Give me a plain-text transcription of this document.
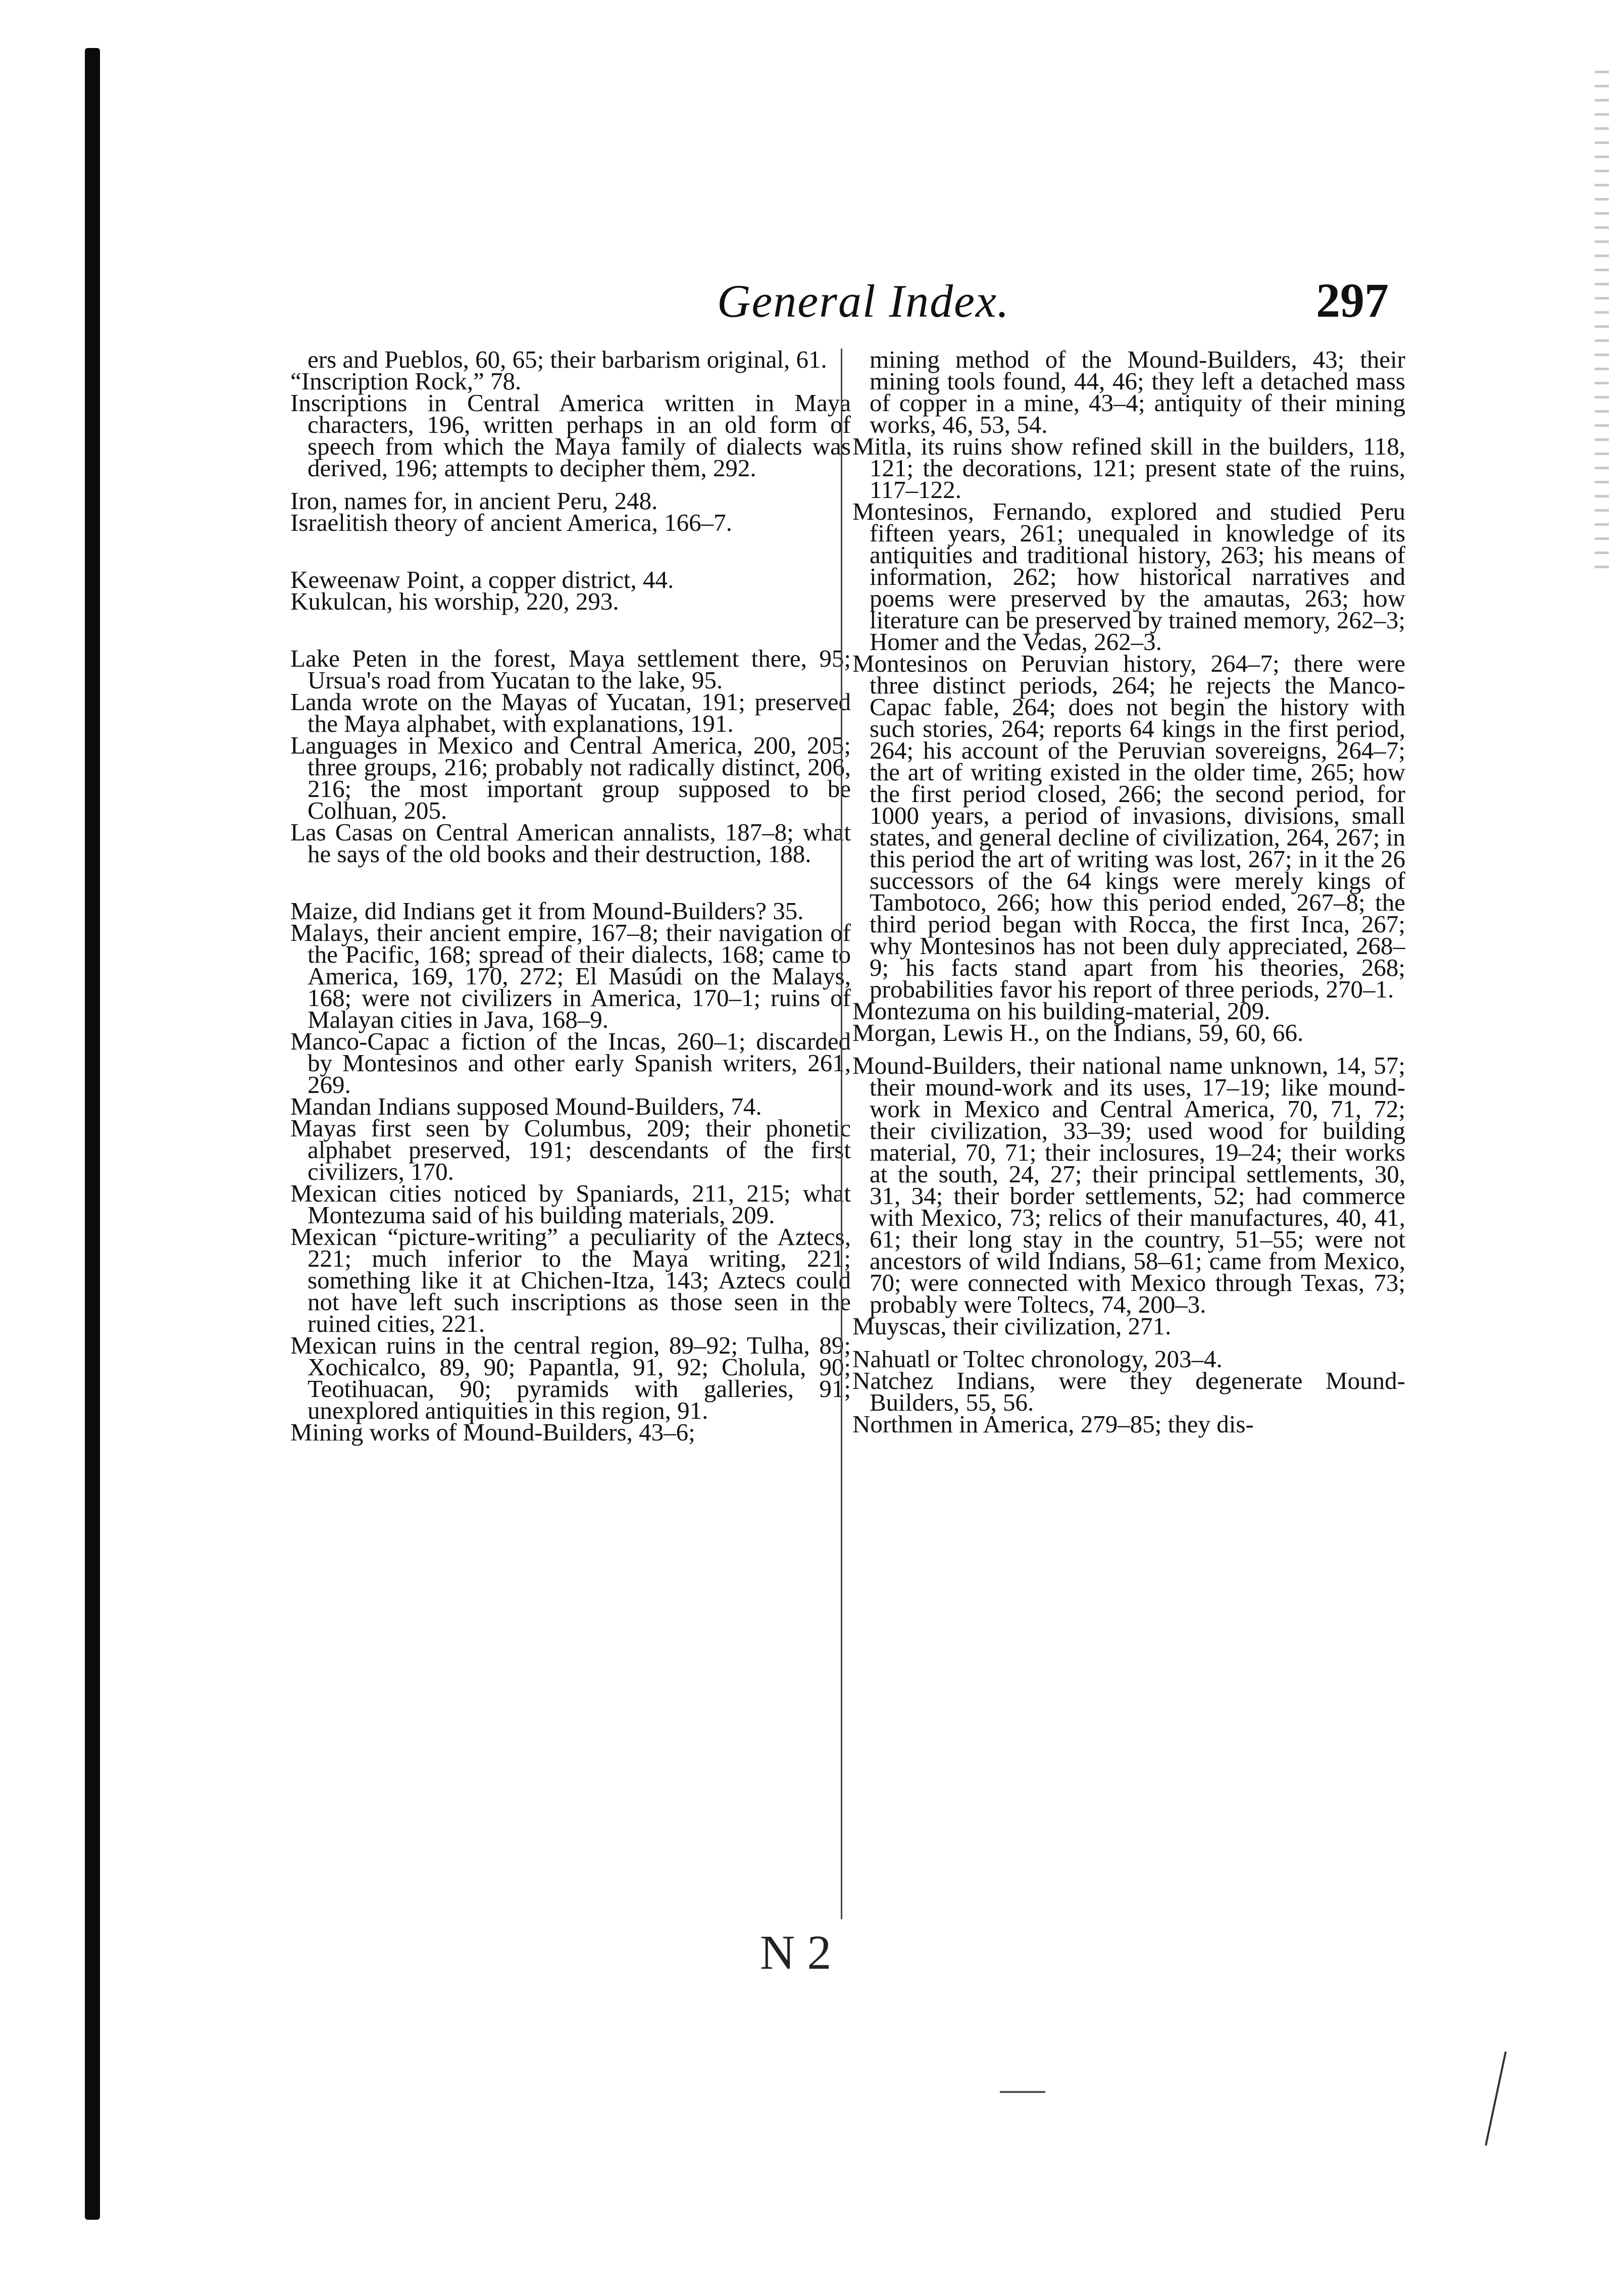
General Index.	297

ers and Pueblos, 60, 65; their barbarism original, 61.

“Inscription Rock,” 78.

Inscriptions in Central America written in Maya characters, 196, written perhaps in an old form of speech from which the Maya family of dialects was derived, 196; attempts to decipher them, 292.

Iron, names for, in ancient Peru, 248.

Israelitish theory of ancient America, 166–7.

Keweenaw Point, a copper district, 44.

Kukulcan, his worship, 220, 293.

Lake Peten in the forest, Maya settlement there, 95; Ursua's road from Yucatan to the lake, 95.

Landa wrote on the Mayas of Yucatan, 191; preserved the Maya alphabet, with explanations, 191.

Languages in Mexico and Central America, 200, 205; three groups, 216; probably not radically distinct, 206, 216; the most important group supposed to be Colhuan, 205.

Las Casas on Central American annalists, 187–8; what he says of the old books and their destruction, 188.

Maize, did Indians get it from Mound-Builders? 35.

Malays, their ancient empire, 167–8; their navigation of the Pacific, 168; spread of their dialects, 168; came to America, 169, 170, 272; El Masúdi on the Malays, 168; were not civilizers in America, 170–1; ruins of Malayan cities in Java, 168–9.

Manco-Capac a fiction of the Incas, 260–1; discarded by Montesinos and other early Spanish writers, 261, 269.

Mandan Indians supposed Mound-Builders, 74.

Mayas first seen by Columbus, 209; their phonetic alphabet preserved, 191; descendants of the first civilizers, 170.

Mexican cities noticed by Spaniards, 211, 215; what Montezuma said of his building materials, 209.

Mexican “picture-writing” a peculiarity of the Aztecs, 221; much inferior to the Maya writing, 221; something like it at Chichen-Itza, 143; Aztecs could not have left such inscriptions as those seen in the ruined cities, 221.

Mexican ruins in the central region, 89–92; Tulha, 89; Xochicalco, 89, 90; Papantla, 91, 92; Cholula, 90; Teotihuacan, 90; pyramids with galleries, 91; unexplored antiquities in this region, 91.

Mining works of Mound-Builders, 43–6;

mining method of the Mound-Builders, 43; their mining tools found, 44, 46; they left a detached mass of copper in a mine, 43–4; antiquity of their mining works, 46, 53, 54.

Mitla, its ruins show refined skill in the builders, 118, 121; the decorations, 121; present state of the ruins, 117–122.

Montesinos, Fernando, explored and studied Peru fifteen years, 261; unequaled in knowledge of its antiquities and traditional history, 263; his means of information, 262; how historical narratives and poems were preserved by the amautas, 263; how literature can be preserved by trained memory, 262–3; Homer and the Vedas, 262–3.

Montesinos on Peruvian history, 264–7; there were three distinct periods, 264; he rejects the Manco-Capac fable, 264; does not begin the history with such stories, 264; reports 64 kings in the first period, 264; his account of the Peruvian sovereigns, 264–7; the art of writing existed in the older time, 265; how the first period closed, 266; the second period, for 1000 years, a period of invasions, divisions, small states, and general decline of civilization, 264, 267; in this period the art of writing was lost, 267; in it the 26 successors of the 64 kings were merely kings of Tambotoco, 266; how this period ended, 267–8; the third period began with Rocca, the first Inca, 267; why Montesinos has not been duly appreciated, 268–9; his facts stand apart from his theories, 268; probabilities favor his report of three periods, 270–1.

Montezuma on his building-material, 209.

Morgan, Lewis H., on the Indians, 59, 60, 66.

Mound-Builders, their national name unknown, 14, 57; their mound-work and its uses, 17–19; like mound-work in Mexico and Central America, 70, 71, 72; their civilization, 33–39; used wood for building material, 70, 71; their inclosures, 19–24; their works at the south, 24, 27; their principal settlements, 30, 31, 34; their border settlements, 52; had commerce with Mexico, 73; relics of their manufactures, 40, 41, 61; their long stay in the country, 51–55; were not ancestors of wild Indians, 58–61; came from Mexico, 70; were connected with Mexico through Texas, 73; probably were Toltecs, 74, 200–3.

Muyscas, their civilization, 271.

Nahuatl or Toltec chronology, 203–4.

Natchez Indians, were they degenerate Mound-Builders, 55, 56.

Northmen in America, 279–85; they dis-

N 2
